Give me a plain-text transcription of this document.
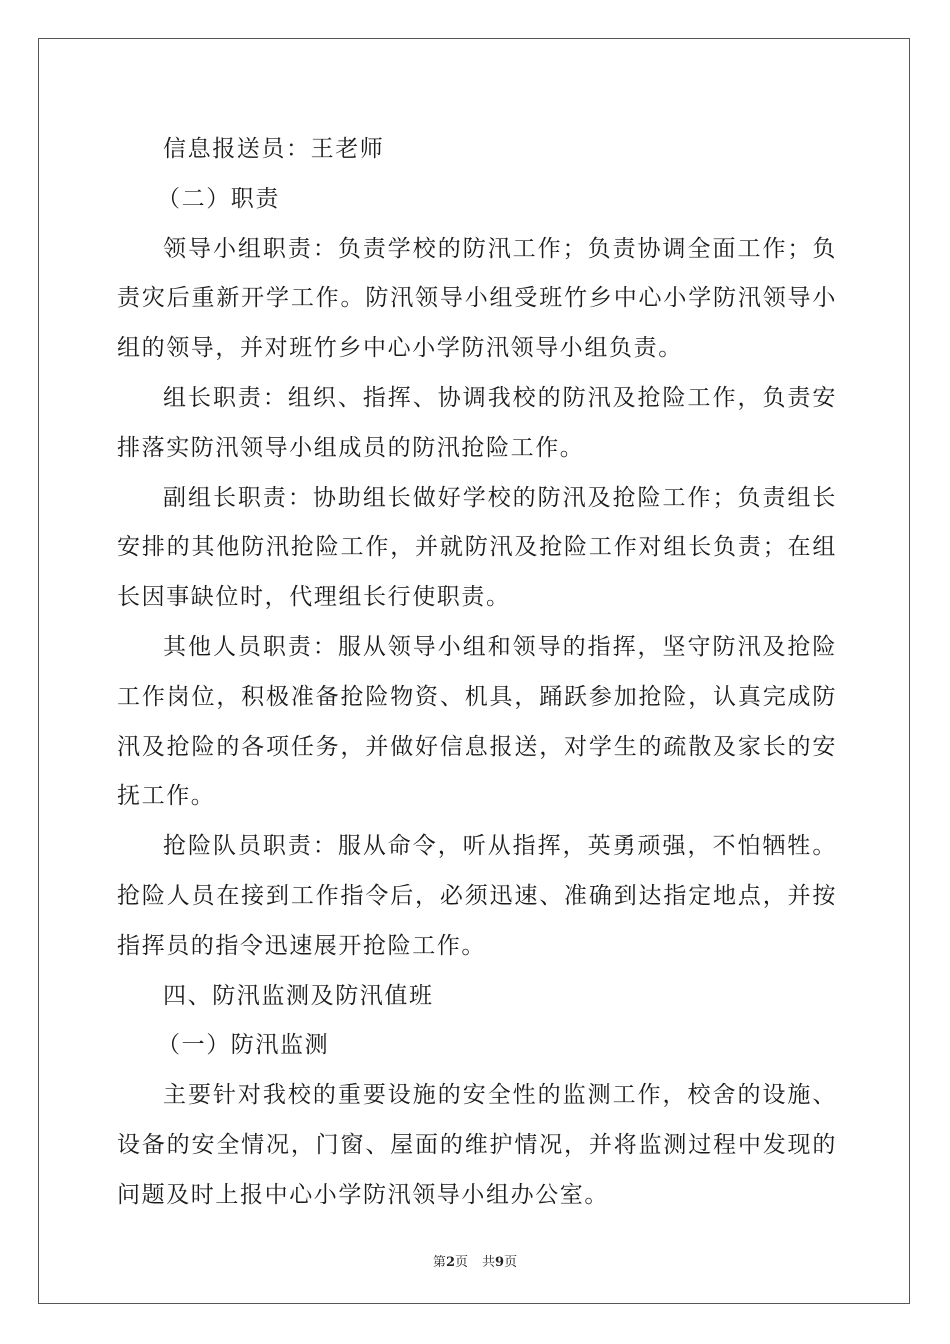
信息报送员：王老师

（二）职责

领导小组职责：负责学校的防汛工作；负责协调全面工作；负责灾后重新开学工作。防汛领导小组受班竹乡中心小学防汛领导小组的领导，并对班竹乡中心小学防汛领导小组负责。

组长职责：组织、指挥、协调我校的防汛及抢险工作，负责安排落实防汛领导小组成员的防汛抢险工作。

副组长职责：协助组长做好学校的防汛及抢险工作；负责组长安排的其他防汛抢险工作，并就防汛及抢险工作对组长负责；在组长因事缺位时，代理组长行使职责。

其他人员职责：服从领导小组和领导的指挥，坚守防汛及抢险工作岗位，积极准备抢险物资、机具，踊跃参加抢险，认真完成防汛及抢险的各项任务，并做好信息报送，对学生的疏散及家长的安抚工作。

抢险队员职责：服从命令，听从指挥，英勇顽强，不怕牺牲。抢险人员在接到工作指令后，必须迅速、准确到达指定地点，并按指挥员的指令迅速展开抢险工作。

四、防汛监测及防汛值班

（一）防汛监测

主要针对我校的重要设施的安全性的监测工作，校舍的设施、设备的安全情况，门窗、屋面的维护情况，并将监测过程中发现的问题及时上报中心小学防汛领导小组办公室。

第2页 共9页
